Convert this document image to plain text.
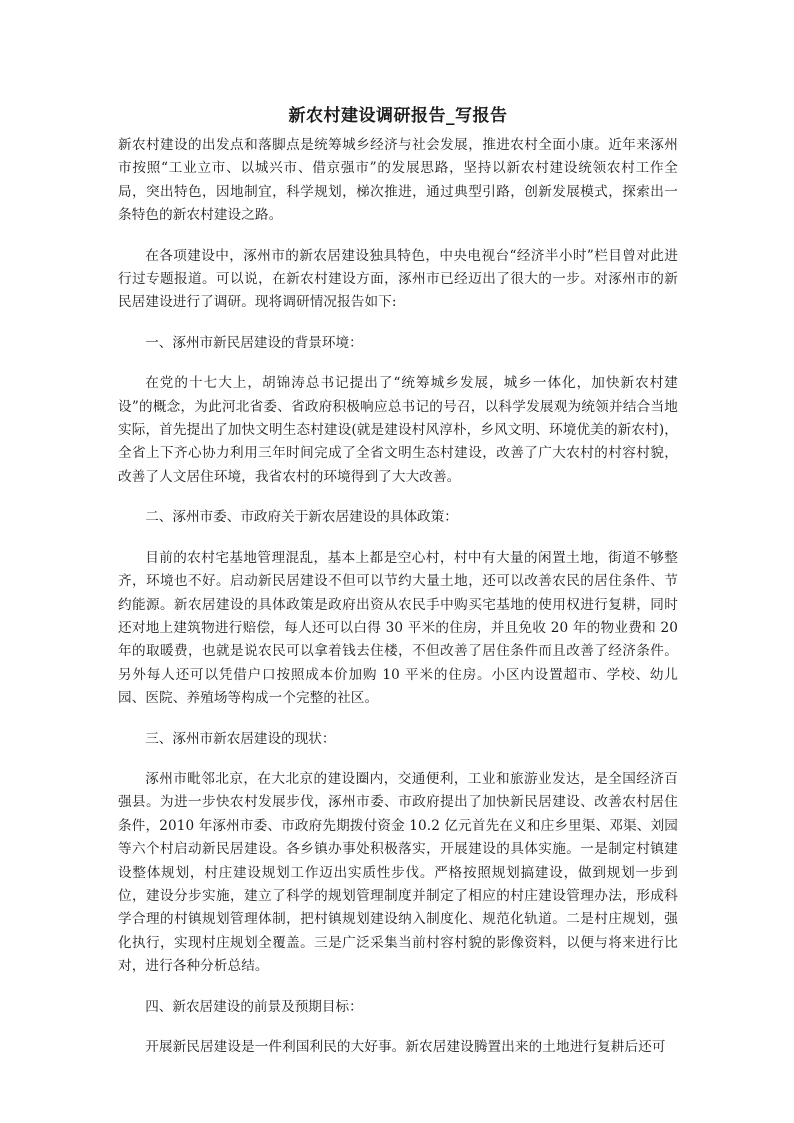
新农村建设调研报告_写报告

新农村建设的出发点和落脚点是统筹城乡经济与社会发展，推进农村全面小康。近年来涿州市按照“工业立市、以城兴市、借京强市”的发展思路，坚持以新农村建设统领农村工作全局，突出特色，因地制宜，科学规划，梯次推进，通过典型引路，创新发展模式，探索出一条特色的新农村建设之路。

在各项建设中，涿州市的新农居建设独具特色，中央电视台“经济半小时”栏目曾对此进行过专题报道。可以说，在新农村建设方面，涿州市已经迈出了很大的一步。对涿州市的新民居建设进行了调研。现将调研情况报告如下:

一、涿州市新民居建设的背景环境：

在党的十七大上，胡锦涛总书记提出了“统筹城乡发展，城乡一体化，加快新农村建设”的概念，为此河北省委、省政府积极响应总书记的号召，以科学发展观为统领并结合当地实际，首先提出了加快文明生态村建设(就是建设村风淳朴，乡风文明、环境优美的新农村)，全省上下齐心协力利用三年时间完成了全省文明生态村建设，改善了广大农村的村容村貌，改善了人文居住环境，我省农村的环境得到了大大改善。

二、涿州市委、市政府关于新农居建设的具体政策：

目前的农村宅基地管理混乱，基本上都是空心村，村中有大量的闲置土地，街道不够整齐，环境也不好。启动新民居建设不但可以节约大量土地，还可以改善农民的居住条件、节约能源。新农居建设的具体政策是政府出资从农民手中购买宅基地的使用权进行复耕，同时还对地上建筑物进行赔偿，每人还可以白得 30 平米的住房，并且免收 20 年的物业费和 20 年的取暖费，也就是说农民可以拿着钱去住楼，不但改善了居住条件而且改善了经济条件。另外每人还可以凭借户口按照成本价加购 10 平米的住房。小区内设置超市、学校、幼儿园、医院、养殖场等构成一个完整的社区。

三、涿州市新农居建设的现状：

涿州市毗邻北京，在大北京的建设圈内，交通便利，工业和旅游业发达，是全国经济百强县。为进一步快农村发展步伐，涿州市委、市政府提出了加快新民居建设、改善农村居住条件，2010 年涿州市委、市政府先期拨付资金 10.2 亿元首先在义和庄乡里渠、邓渠、刘园等六个村启动新民居建设。各乡镇办事处积极落实，开展建设的具体实施。一是制定村镇建设整体规划，村庄建设规划工作迈出实质性步伐。严格按照规划搞建设，做到规划一步到位，建设分步实施，建立了科学的规划管理制度并制定了相应的村庄建设管理办法，形成科学合理的村镇规划管理体制，把村镇规划建设纳入制度化、规范化轨道。二是村庄规划，强化执行，实现村庄规划全覆盖。三是广泛采集当前村容村貌的影像资料，以便与将来进行比对，进行各种分析总结。

四、新农居建设的前景及预期目标：

开展新民居建设是一件利国利民的大好事。新农居建设腾置出来的土地进行复耕后还可
